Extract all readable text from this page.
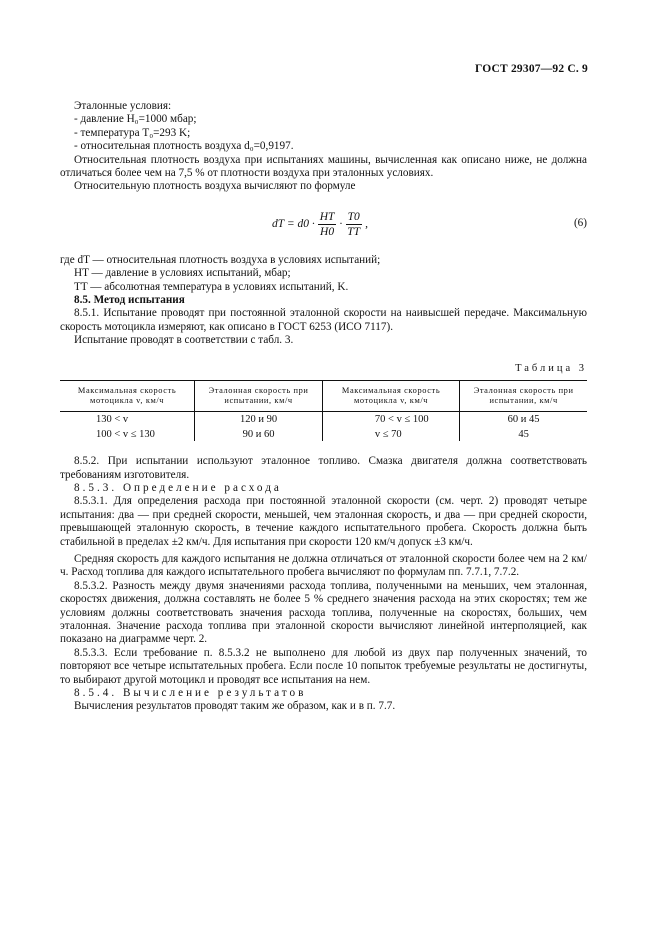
ГОСТ 29307—92 С. 9

Эталонные условия:

- давление H₀=1000 мбар;

- температура T₀=293 K;

- относительная плотность воздуха d₀=0,9197.

Относительная плотность воздуха при испытаниях машины, вычисленная как описано ниже, не должна отличаться более чем на 7,5 % от плотности воздуха при эталонных условиях.

Относительную плотность воздуха вычисляют по формуле

dT = $d0 \cdot \frac{HT}{H0} \cdot \frac{T0}{TT}$ ,	(6)

где dT — относительная плотность воздуха в условиях испытаний;

HT — давление в условиях испытаний, мбар;

TT — абсолютная температура в условиях испытаний, K.

8.5. Метод испытания

8.5.1. Испытание проводят при постоянной эталонной скорости на наивысшей передаче. Максимальную скорость мотоцикла измеряют, как описано в ГОСТ 6253 (ИСО 7117).

Испытание проводят в соответствии с табл. 3.

Таблица 3
Максимальная скорость мотоцикла v, км/ч	Эталонная скорость при испытании, км/ч	Максимальная скорость мотоцикла v, км/ч	Эталонная скорость при испытании, км/ч
130 < v	120 и 90	70 < v ≤ 100	60 и 45
100 < v ≤ 130	90 и 60	v ≤ 70	45

8.5.2. При испытании используют эталонное топливо. Смазка двигателя должна соответствовать требованиям изготовителя.

8.5.3. Определение расхода

8.5.3.1. Для определения расхода при постоянной эталонной скорости (см. черт. 2) проводят четыре испытания: два — при средней скорости, меньшей, чем эталонная скорость, и два — при средней скорости, превышающей эталонную скорость, в течение каждого испытательного пробега. Скорость должна быть стабильной в пределах ±2 км/ч. Для испытания при скорости 120 км/ч допуск ±3 км/ч.

Средняя скорость для каждого испытания не должна отличаться от эталонной скорости более чем на 2 км/ч. Расход топлива для каждого испытательного пробега вычисляют по формулам пп. 7.7.1, 7.7.2.

8.5.3.2. Разность между двумя значениями расхода топлива, полученными на меньших, чем эталонная, скоростях движения, должна составлять не более 5 % среднего значения расхода на этих скоростях; тем же условиям должны соответствовать значения расхода топлива, полученные на скоростях, больших, чем эталонная. Значение расхода топлива при эталонной скорости вычисляют линейной интерполяцией, как показано на диаграмме черт. 2.

8.5.3.3. Если требование п. 8.5.3.2 не выполнено для любой из двух пар полученных значений, то повторяют все четыре испытательных пробега. Если после 10 попыток требуемые результаты не достигнуты, то выбирают другой мотоцикл и проводят все испытания на нем.

8.5.4. Вычисление результатов

Вычисления результатов проводят таким же образом, как и в п. 7.7.
